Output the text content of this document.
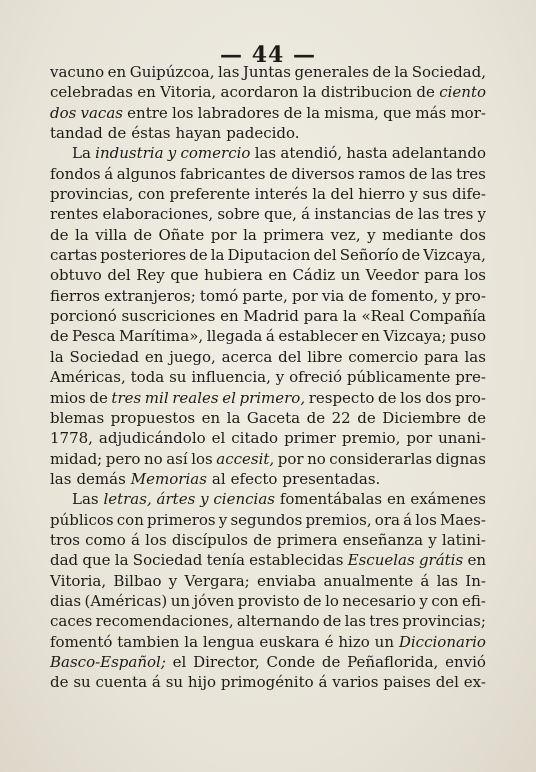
— 44 —
vacuno en Guipúzcoa, las Juntas generales de la Sociedad,
celebradas en Vitoria, acordaron la distribucion de ciento
dos vacas entre los labradores de la misma, que más mor-
tandad de éstas hayan padecido.
La industria y comercio las atendió, hasta adelantando
fondos á algunos fabricantes de diversos ramos de las tres
provincias, con preferente interés la del hierro y sus dife-
rentes elaboraciones, sobre que, á instancias de las tres y
de la villa de Oñate por la primera vez, y mediante dos
cartas posteriores de la Diputacion del Señorío de Vizcaya,
obtuvo del Rey que hubiera en Cádiz un Veedor para los
fierros extranjeros; tomó parte, por via de fomento, y pro-
porcionó suscriciones en Madrid para la «Real Compañía
de Pesca Marítima», llegada á establecer en Vizcaya; puso
la Sociedad en juego, acerca del libre comercio para las
Américas, toda su influencia, y ofreció públicamente pre-
mios de tres mil reales el primero, respecto de los dos pro-
blemas propuestos en la Gaceta de 22 de Diciembre de
1778, adjudicándolo el citado primer premio, por unani-
midad; pero no así los accesit, por no considerarlas dignas
las demás Memorias al efecto presentadas.
Las letras, ártes y ciencias fomentábalas en exámenes
públicos con primeros y segundos premios, ora á los Maes-
tros como á los discípulos de primera enseñanza y latini-
dad que la Sociedad tenía establecidas Escuelas grátis en
Vitoria, Bilbao y Vergara; enviaba anualmente á las In-
dias (Américas) un jóven provisto de lo necesario y con efi-
caces recomendaciones, alternando de las tres provincias;
fomentó tambien la lengua euskara é hizo un Diccionario
Basco-Español; el Director, Conde de Peñaflorida, envió
de su cuenta á su hijo primogénito á varios paises del ex-
